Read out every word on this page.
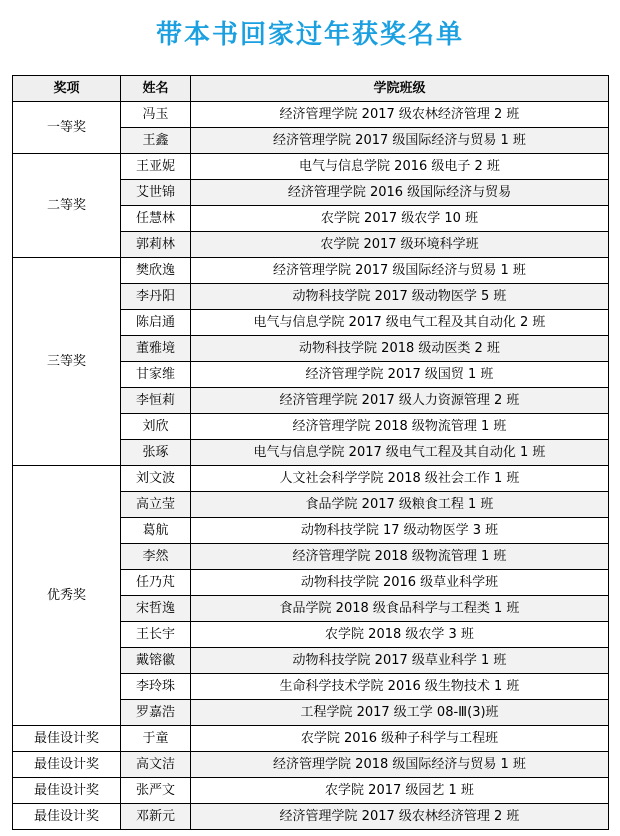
带本书回家过年获奖名单
奖项	姓名	学院班级
一等奖	冯玉	经济管理学院 2017 级农林经济管理 2 班
	王鑫	经济管理学院 2017 级国际经济与贸易 1 班
二等奖	王亚妮	电气与信息学院 2016 级电子 2 班
	艾世锦	经济管理学院 2016 级国际经济与贸易
	任慧林	农学院 2017 级农学 10 班
	郭莉林	农学院 2017 级环境科学班
三等奖	樊欣逸	经济管理学院 2017 级国际经济与贸易 1 班
	李丹阳	动物科技学院 2017 级动物医学 5 班
	陈启通	电气与信息学院 2017 级电气工程及其自动化 2 班
	董雅境	动物科技学院 2018 级动医类 2 班
	甘家维	经济管理学院 2017 级国贸 1 班
	李恒莉	经济管理学院 2017 级人力资源管理 2 班
	刘欣	经济管理学院 2018 级物流管理 1 班
	张琢	电气与信息学院 2017 级电气工程及其自动化 1 班
优秀奖	刘文波	人文社会科学学院 2018 级社会工作 1 班
	高立莹	食品学院 2017 级粮食工程 1 班
	葛航	动物科技学院 17 级动物医学 3 班
	李然	经济管理学院 2018 级物流管理 1 班
	任乃芃	动物科技学院 2016 级草业科学班
	宋哲逸	食品学院 2018 级食品科学与工程类 1 班
	王长宇	农学院 2018 级农学 3 班
	戴镕徽	动物科技学院 2017 级草业科学 1 班
	李玲珠	生命科学技术学院 2016 级生物技术 1 班
	罗嘉浩	工程学院 2017 级工学 08-Ⅲ(3)班
最佳设计奖	于童	农学院 2016 级种子科学与工程班
最佳设计奖	高文洁	经济管理学院 2018 级国际经济与贸易 1 班
最佳设计奖	张严文	农学院 2017 级园艺 1 班
最佳设计奖	邓新元	经济管理学院 2017 级农林经济管理 2 班
